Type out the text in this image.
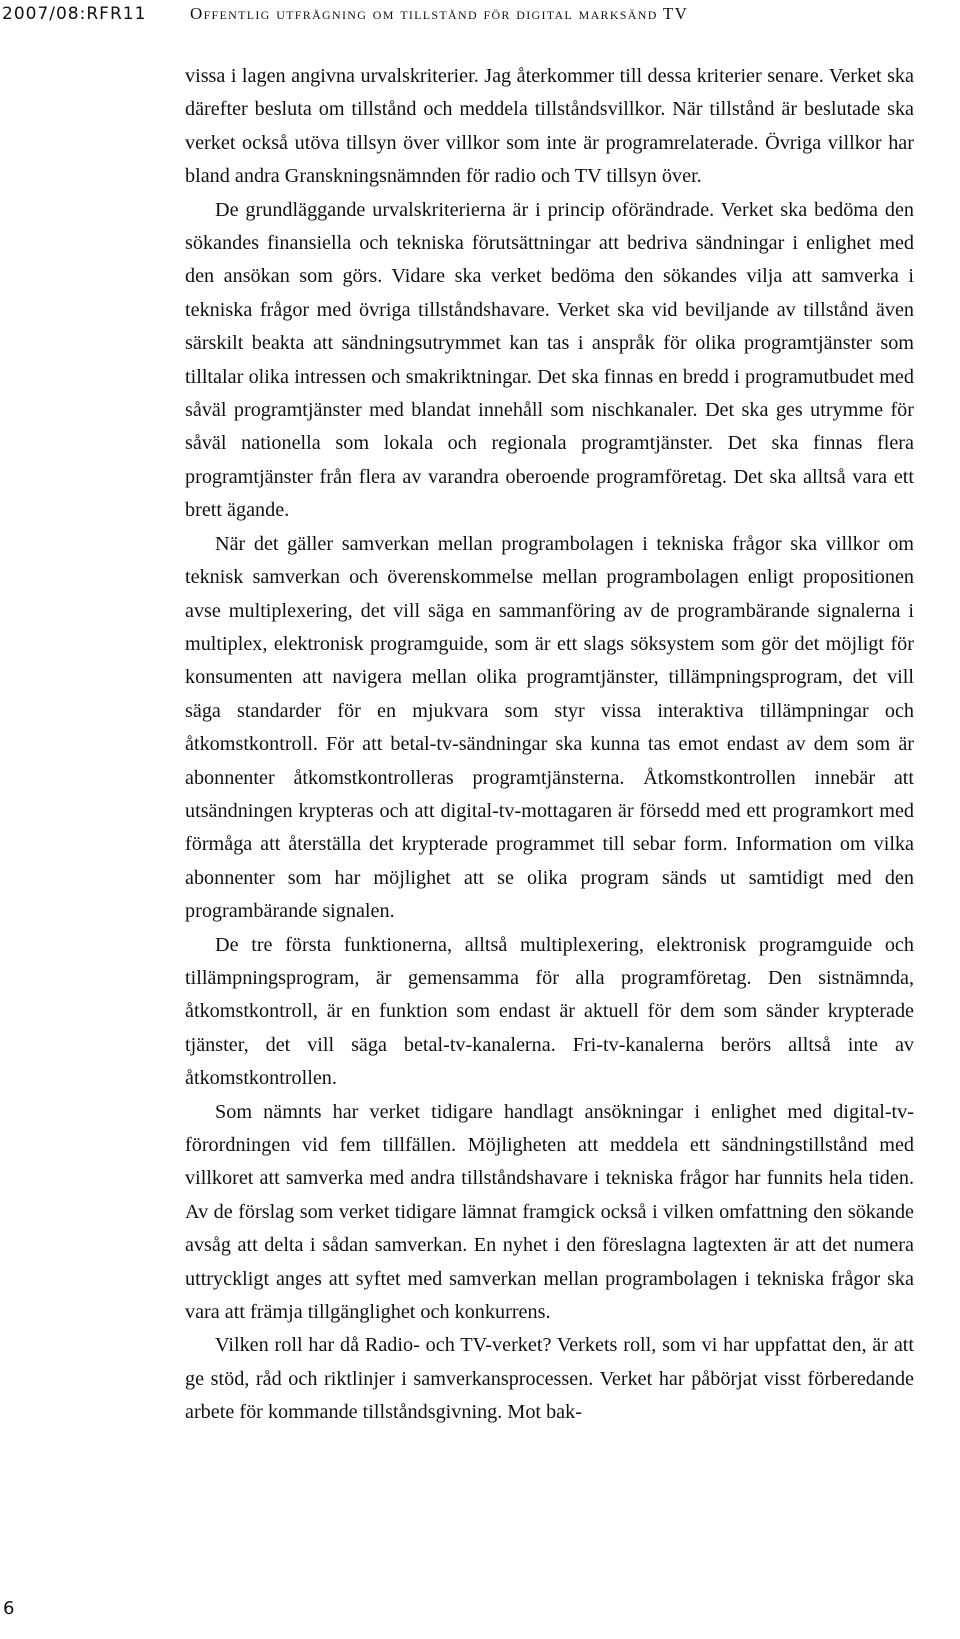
2007/08:RFR11	Offentlig utfrågning om tillstånd för digital marksänd TV

vissa i lagen angivna urvalskriterier. Jag återkommer till dessa kriterier senare. Verket ska därefter besluta om tillstånd och meddela tillståndsvillkor. När tillstånd är beslutade ska verket också utöva tillsyn över villkor som inte är programrelaterade. Övriga villkor har bland andra Granskningsnämnden för radio och TV tillsyn över.

De grundläggande urvalskriterierna är i princip oförändrade. Verket ska bedöma den sökandes finansiella och tekniska förutsättningar att bedriva sändningar i enlighet med den ansökan som görs. Vidare ska verket bedöma den sökandes vilja att samverka i tekniska frågor med övriga tillståndshavare. Verket ska vid beviljande av tillstånd även särskilt beakta att sändningsutrymmet kan tas i anspråk för olika programtjänster som tilltalar olika intressen och smakriktningar. Det ska finnas en bredd i programutbudet med såväl programtjänster med blandat innehåll som nischkanaler. Det ska ges utrymme för såväl nationella som lokala och regionala programtjänster. Det ska finnas flera programtjänster från flera av varandra oberoende programföretag. Det ska alltså vara ett brett ägande.

När det gäller samverkan mellan programbolagen i tekniska frågor ska villkor om teknisk samverkan och överenskommelse mellan programbolagen enligt propositionen avse multiplexering, det vill säga en sammanföring av de programbärande signalerna i multiplex, elektronisk programguide, som är ett slags söksystem som gör det möjligt för konsumenten att navigera mellan olika programtjänster, tillämpningsprogram, det vill säga standarder för en mjukvara som styr vissa interaktiva tillämpningar och åtkomstkontroll. För att betal-tv-sändningar ska kunna tas emot endast av dem som är abonnenter åtkomstkontrolleras programtjänsterna. Åtkomstkontrollen innebär att utsändningen krypteras och att digital-tv-mottagaren är försedd med ett programkort med förmåga att återställa det krypterade programmet till sebar form. Information om vilka abonnenter som har möjlighet att se olika program sänds ut samtidigt med den programbärande signalen.

De tre första funktionerna, alltså multiplexering, elektronisk programguide och tillämpningsprogram, är gemensamma för alla programföretag. Den sistnämnda, åtkomstkontroll, är en funktion som endast är aktuell för dem som sänder krypterade tjänster, det vill säga betal-tv-kanalerna. Fri-tv-kanalerna berörs alltså inte av åtkomstkontrollen.

Som nämnts har verket tidigare handlagt ansökningar i enlighet med digital-tv-förordningen vid fem tillfällen. Möjligheten att meddela ett sändningstillstånd med villkoret att samverka med andra tillståndshavare i tekniska frågor har funnits hela tiden. Av de förslag som verket tidigare lämnat framgick också i vilken omfattning den sökande avsåg att delta i sådan samverkan. En nyhet i den föreslagna lagtexten är att det numera uttryckligt anges att syftet med samverkan mellan programbolagen i tekniska frågor ska vara att främja tillgänglighet och konkurrens.

Vilken roll har då Radio- och TV-verket? Verkets roll, som vi har uppfattat den, är att ge stöd, råd och riktlinjer i samverkansprocessen. Verket har påbörjat visst förberedande arbete för kommande tillståndsgivning. Mot bak-

6
